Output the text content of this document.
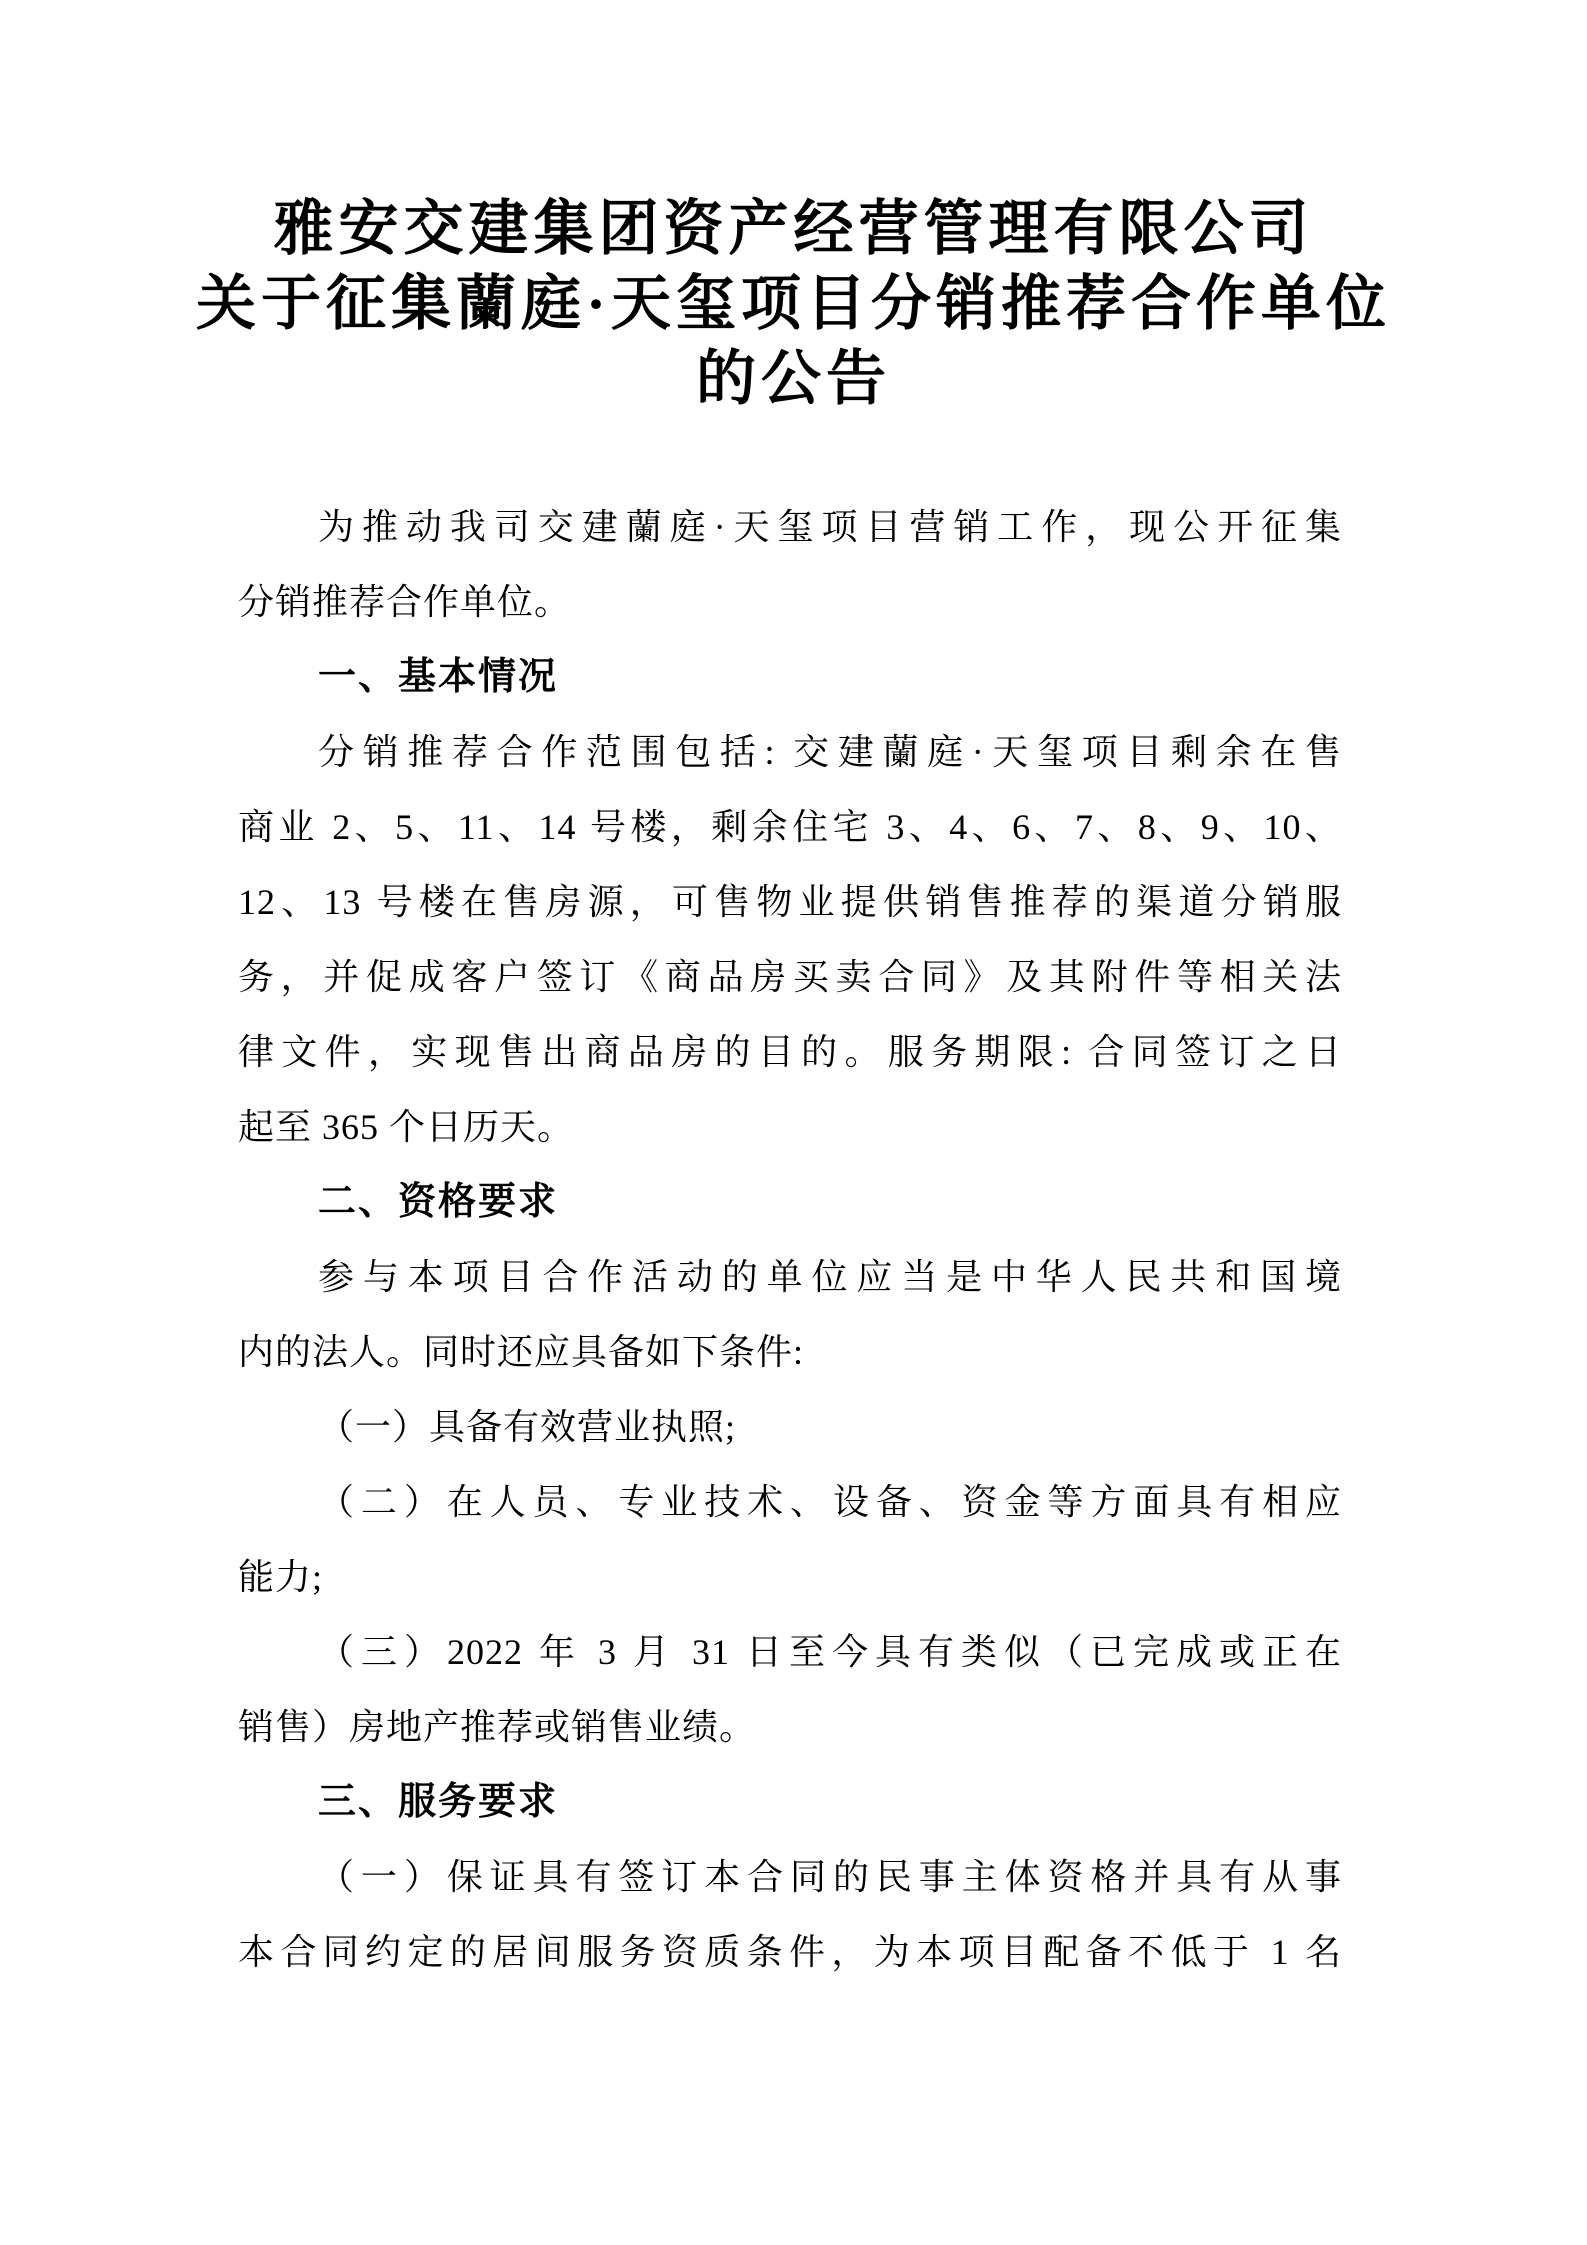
雅安交建集团资产经营管理有限公司
关于征集蘭庭·天玺项目分销推荐合作单位
的公告
为推动我司交建蘭庭·天玺项目营销工作，现公开征集
分销推荐合作单位。
一、基本情况
分销推荐合作范围包括: 交建蘭庭·天玺项目剩余在售
商业 2、5、11、14 号楼，剩余住宅 3、4、6、7、8、9、10、
12、13 号楼在售房源，可售物业提供销售推荐的渠道分销服
务，并促成客户签订《商品房买卖合同》及其附件等相关法
律文件，实现售出商品房的目的。服务期限: 合同签订之日
起至 365 个日历天。
二、资格要求
参与本项目合作活动的单位应当是中华人民共和国境
内的法人。同时还应具备如下条件:
（一）具备有效营业执照;
（二）在人员、专业技术、设备、资金等方面具有相应
能力;
（三）2022 年 3 月 31 日至今具有类似（已完成或正在
销售）房地产推荐或销售业绩。
三、服务要求
（一）保证具有签订本合同的民事主体资格并具有从事
本合同约定的居间服务资质条件，为本项目配备不低于 1 名
